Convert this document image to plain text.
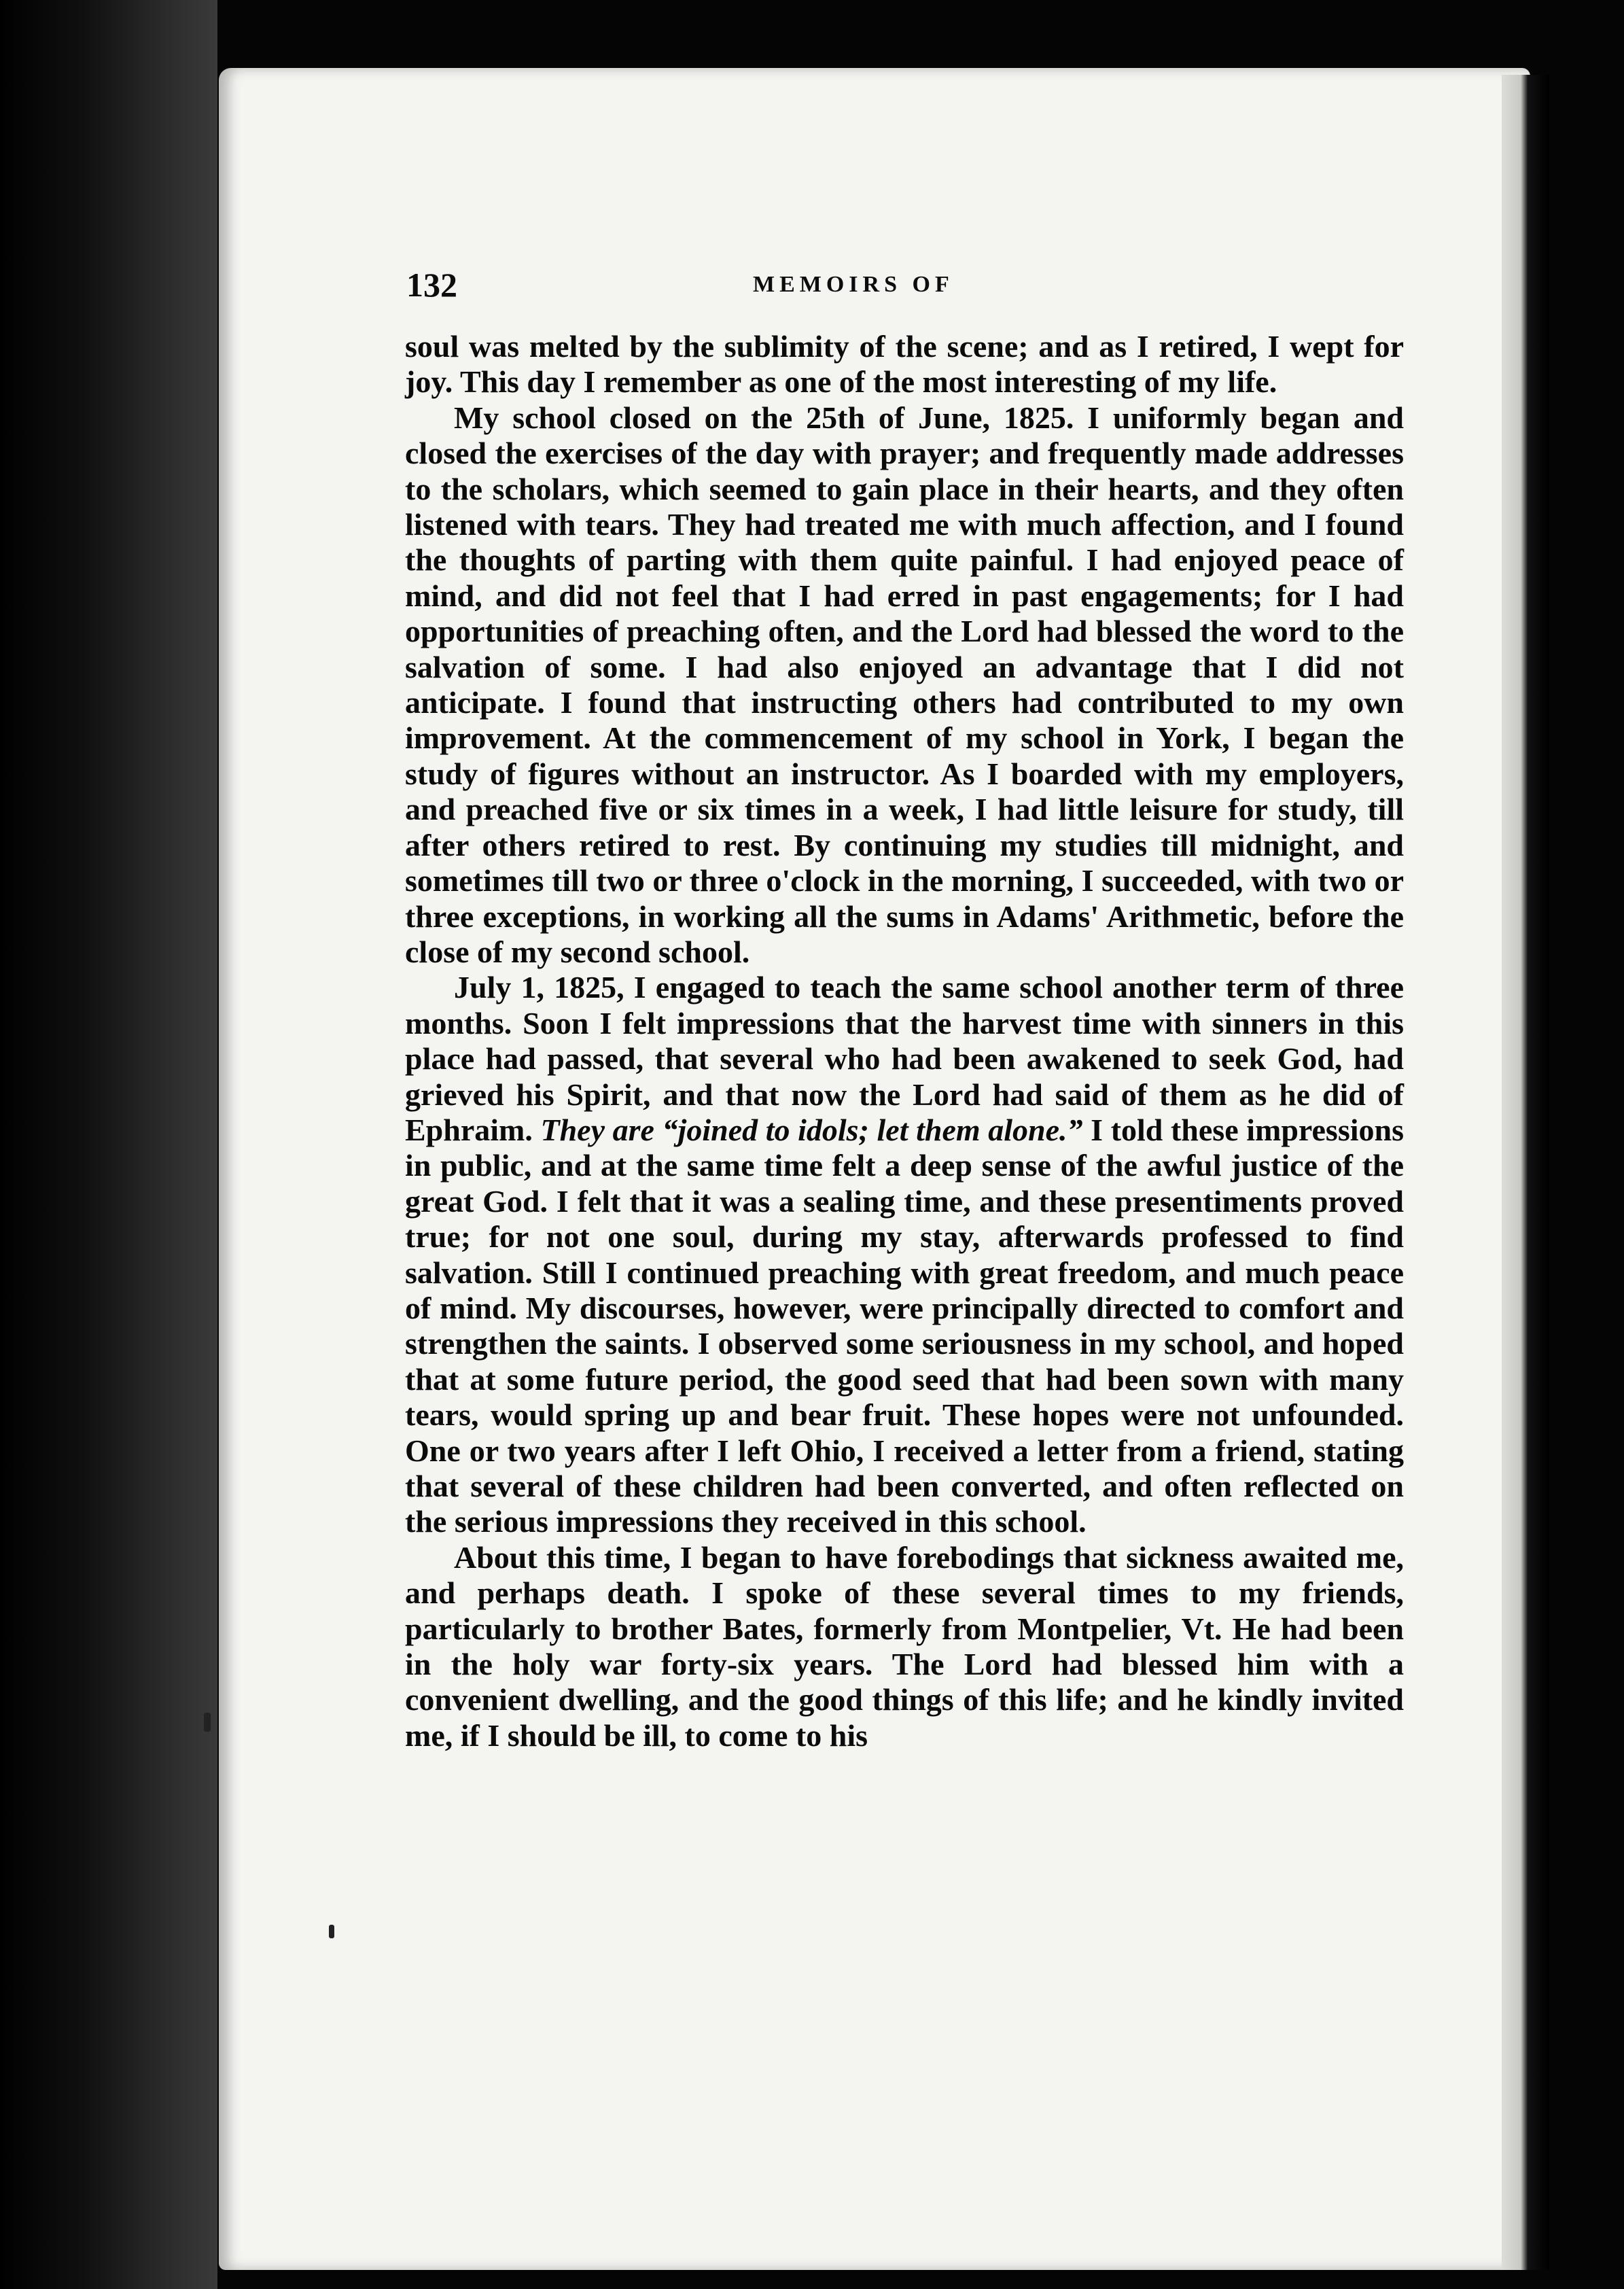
132	MEMOIRS OF

soul was melted by the sublimity of the scene; and as I retired, I wept for joy. This day I remember as one of the most interesting of my life.

My school closed on the 25th of June, 1825. I uniformly began and closed the exercises of the day with prayer; and frequently made addresses to the scholars, which seemed to gain place in their hearts, and they often listened with tears. They had treated me with much affection, and I found the thoughts of parting with them quite painful. I had enjoyed peace of mind, and did not feel that I had erred in past engagements; for I had opportunities of preaching often, and the Lord had blessed the word to the salvation of some. I had also enjoyed an advantage that I did not anticipate. I found that instructing others had contributed to my own improvement. At the commencement of my school in York, I began the study of figures without an instructor. As I boarded with my employers, and preached five or six times in a week, I had little leisure for study, till after others retired to rest. By continuing my studies till midnight, and sometimes till two or three o'clock in the morning, I succeeded, with two or three exceptions, in working all the sums in Adams' Arithmetic, before the close of my second school.

July 1, 1825, I engaged to teach the same school another term of three months. Soon I felt impressions that the harvest time with sinners in this place had passed, that several who had been awakened to seek God, had grieved his Spirit, and that now the Lord had said of them as he did of Ephraim. They are “joined to idols; let them alone.” I told these impressions in public, and at the same time felt a deep sense of the awful justice of the great God. I felt that it was a sealing time, and these presentiments proved true; for not one soul, during my stay, afterwards professed to find salvation. Still I continued preaching with great freedom, and much peace of mind. My discourses, however, were principally directed to comfort and strengthen the saints. I observed some seriousness in my school, and hoped that at some future period, the good seed that had been sown with many tears, would spring up and bear fruit. These hopes were not unfounded. One or two years after I left Ohio, I received a letter from a friend, stating that several of these children had been converted, and often reflected on the serious impressions they received in this school.

About this time, I began to have forebodings that sickness awaited me, and perhaps death. I spoke of these several times to my friends, particularly to brother Bates, formerly from Montpelier, Vt. He had been in the holy war forty-six years. The Lord had blessed him with a convenient dwelling, and the good things of this life; and he kindly invited me, if I should be ill, to come to his
